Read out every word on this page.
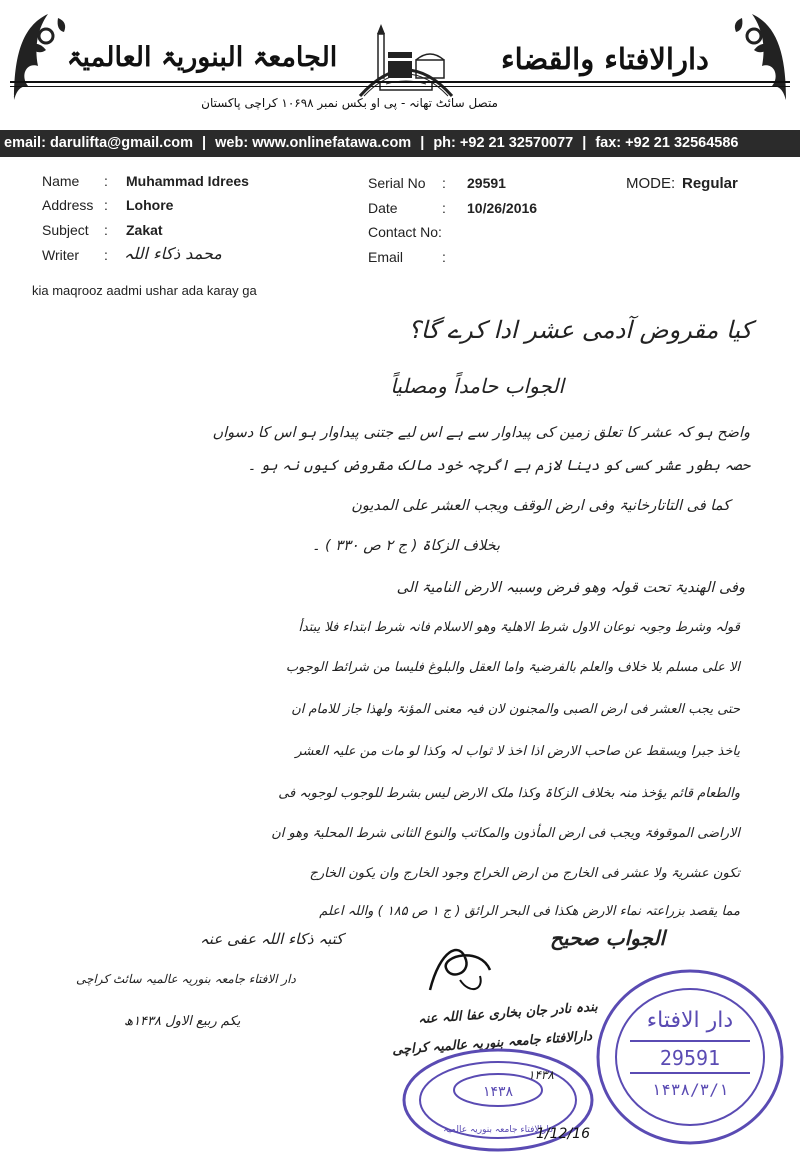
الجامعۃ البنوریۃ العالمیۃ	دارالافتاء والقضاء
متصل سائٹ تھانہ - پی او بکس نمبر ۱۰۶۹۸ کراچی پاکستان
email: darulifta@gmail.com | web: www.onlinefatawa.com | ph: +92 21 32570077 | fax: +92 21 32564586
Name : Muhammad Idrees
Address : Lohore
Subject : Zakat
Writer : محمد ذکاء اللہ
Serial No : 29591
Date	: 10/26/2016
Contact No:
Email	:
MODE: Regular
kia maqrooz aadmi ushar ada karay ga
کیا مقروض آدمی عشر ادا کرے گا؟
الجواب حامداً ومصلیاً
واضح ہو کہ عشر کا تعلق زمین کی پیداوار سے ہے اس لیے جتنی پیداوار ہو اس کا دسواں
حصہ بطور عشر کسی کو دینا لازم ہے اگرچہ خود مالک مقروض کیوں نہ ہو ۔
کما فی التاتارخانیۃ وفی ارض الوقف ویجب العشر علی المدیون
بخلاف الزکاۃ ( ج ۲ ص ۳۳۰ ) ۔
وفی الھندیۃ تحت قولہ وھو فرض وسببہ الارض النامیۃ الی
قولہ وشرط وجوبہ نوعان الاول شرط الاھلیۃ وھو الاسلام فانہ شرط ابتداء فلا یبتدأ
الا علی مسلم بلا خلاف والعلم بالفرضیۃ واما العقل والبلوغ فلیسا من شرائط الوجوب
حتی یجب العشر فی ارض الصبی والمجنون لان فیہ معنی المؤنۃ ولھذا جاز للامام ان
یاخذ جبرا ویسقط عن صاحب الارض اذا اخذ لا ثواب لہ وکذا لو مات من علیہ العشر
والطعام قائم یؤخذ منہ بخلاف الزکاۃ وکذا ملک الارض لیس بشرط للوجوب لوجوبہ فی
الاراضی الموقوفۃ ویجب فی ارض المأذون والمکاتب والنوع الثانی شرط المحلیۃ وھو ان
تکون عشریۃ ولا عشر فی الخارج من ارض الخراج وجود الخارج وان یکون الخارج
مما یقصد بزراعتہ نماء الارض ھکذا فی البحر الرائق ( ج ۱ ص ۱۸۵ ) واللہ اعلم
کتبہ ذکاء اللہ عفی عنہ
دار الافتاء جامعہ بنوریہ عالمیہ سائٹ کراچی
یکم ربیع الاول ۱۴۳۸ھ
الجواب صحیح
بندہ نادر جان بخاری عفا اللہ عنہ
دارالافتاء جامعہ بنوریہ عالمیہ کراچی
۱۴۳۸
دارالافتاء جامعہ بنوریہ عالمیہ
دار الافتاء
29591
۱۴۳۸/۳/۱
1/12/16
۱۴۳۸
